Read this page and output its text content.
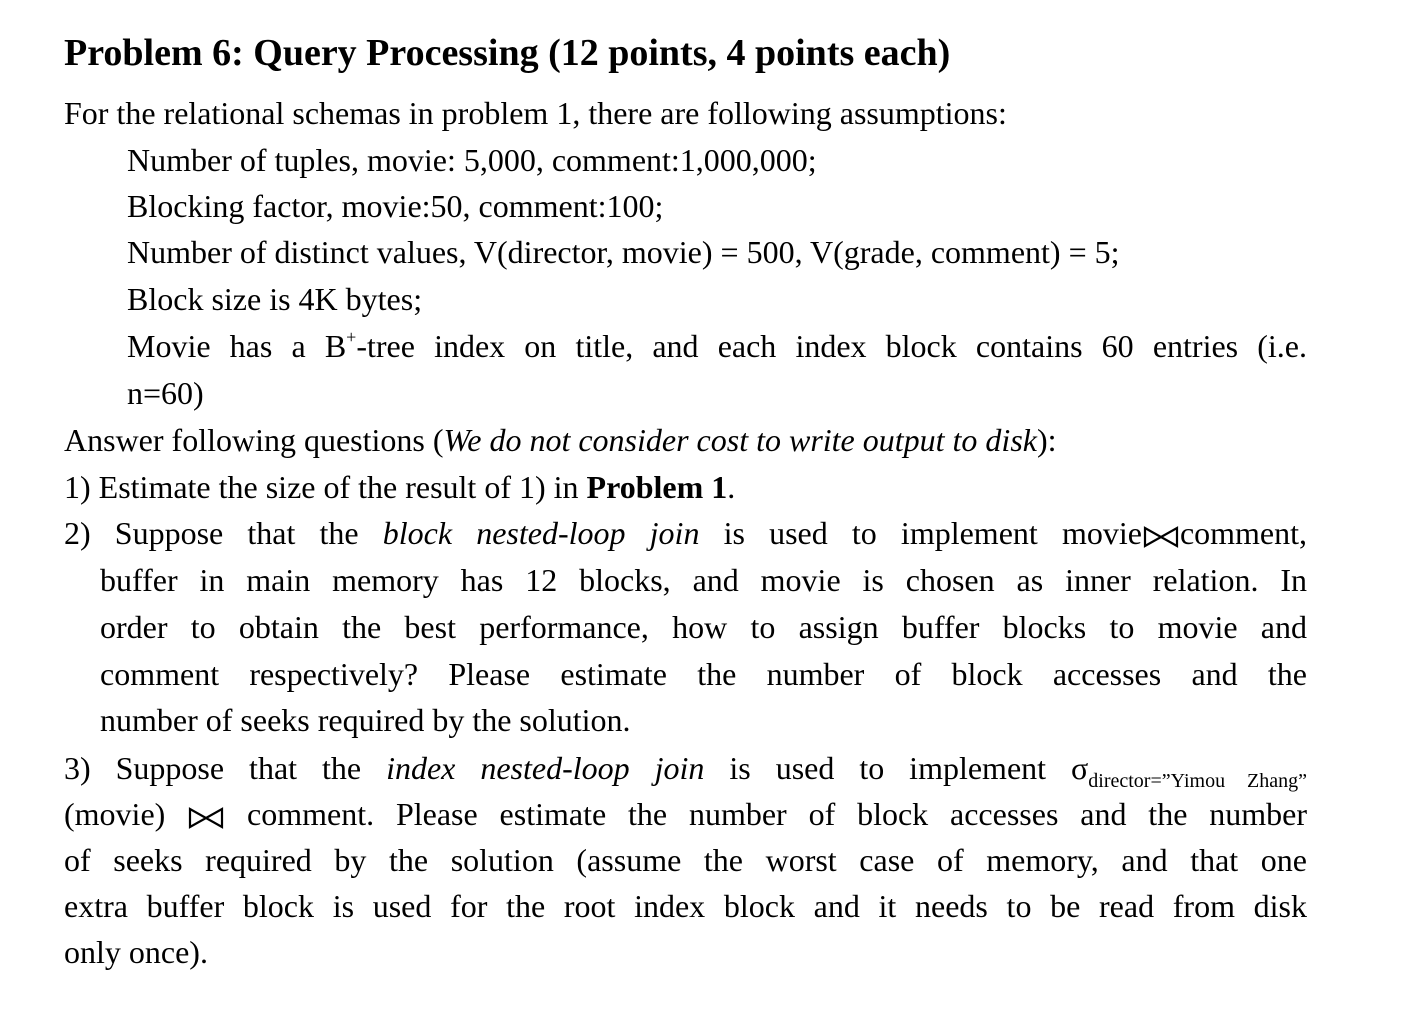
Problem 6: Query Processing (12 points, 4 points each)
For the relational schemas in problem 1, there are following assumptions:
Number of tuples, movie: 5,000, comment:1,000,000;
Blocking factor, movie:50, comment:100;
Number of distinct values, V(director, movie) = 500, V(grade, comment) = 5;
Block size is 4K bytes;
Movie has a B+-tree index on title, and each index block contains 60 entries (i.e.
n=60)
Answer following questions (We do not consider cost to write output to disk):
1) Estimate the size of the result of 1) in Problem 1.
2) Suppose that the block nested-loop join is used to implement movie comment,
buffer in main memory has 12 blocks, and movie is chosen as inner relation. In
order to obtain the best performance, how to assign buffer blocks to movie and
comment respectively? Please estimate the number of block accesses and the
number of seeks required by the solution.
3) Suppose that the index nested-loop join is used to implement $\sigma_{director=”Yimou Zhang”}$
(movie)  comment. Please estimate the number of block accesses and the number
of seeks required by the solution (assume the worst case of memory, and that one
extra buffer block is used for the root index block and it needs to be read from disk
only once).
